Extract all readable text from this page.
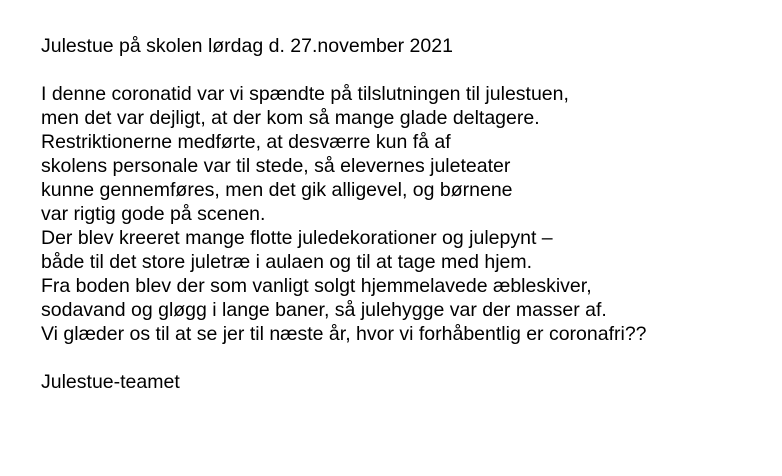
Julestue på skolen lørdag d. 27.november 2021
I denne coronatid var vi spændte på tilslutningen til julestuen,
men det var dejligt, at der kom så mange glade deltagere.
Restriktionerne medførte, at desværre kun få af
skolens personale var til stede, så elevernes juleteater
kunne gennemføres, men det gik alligevel, og børnene
var rigtig gode på scenen.
Der blev kreeret mange flotte juledekorationer og julepynt –
både til det store juletræ i aulaen og til at tage med hjem.
Fra boden blev der som vanligt solgt hjemmelavede æbleskiver,
sodavand og gløgg i lange baner, så julehygge var der masser af.
Vi glæder os til at se jer til næste år, hvor vi forhåbentlig er coronafri??
Julestue-teamet
